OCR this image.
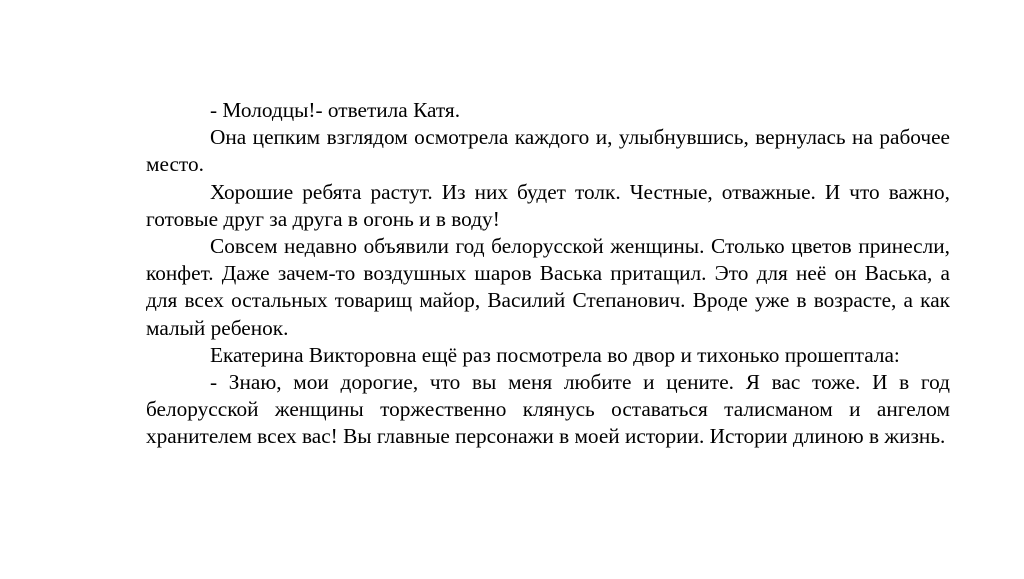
- Молодцы!- ответила Катя.

Она цепким взглядом осмотрела каждого и, улыбнувшись, вернулась на рабочее место.

Хорошие ребята растут. Из них будет толк. Честные, отважные. И что важно, готовые друг за друга в огонь и в воду!

Совсем недавно объявили год белорусской женщины. Столько цветов принесли, конфет. Даже зачем-то воздушных шаров Васька притащил. Это для неё он Васька, а для всех остальных товарищ майор, Василий Степанович. Вроде уже в возрасте, а как малый ребенок.

Екатерина Викторовна ещё раз посмотрела во двор и тихонько прошептала:

- Знаю, мои дорогие, что вы меня любите и цените. Я вас тоже. И в год белорусской женщины торжественно клянусь оставаться талисманом и ангелом хранителем всех вас! Вы главные персонажи в моей истории. Истории длиною в жизнь.
